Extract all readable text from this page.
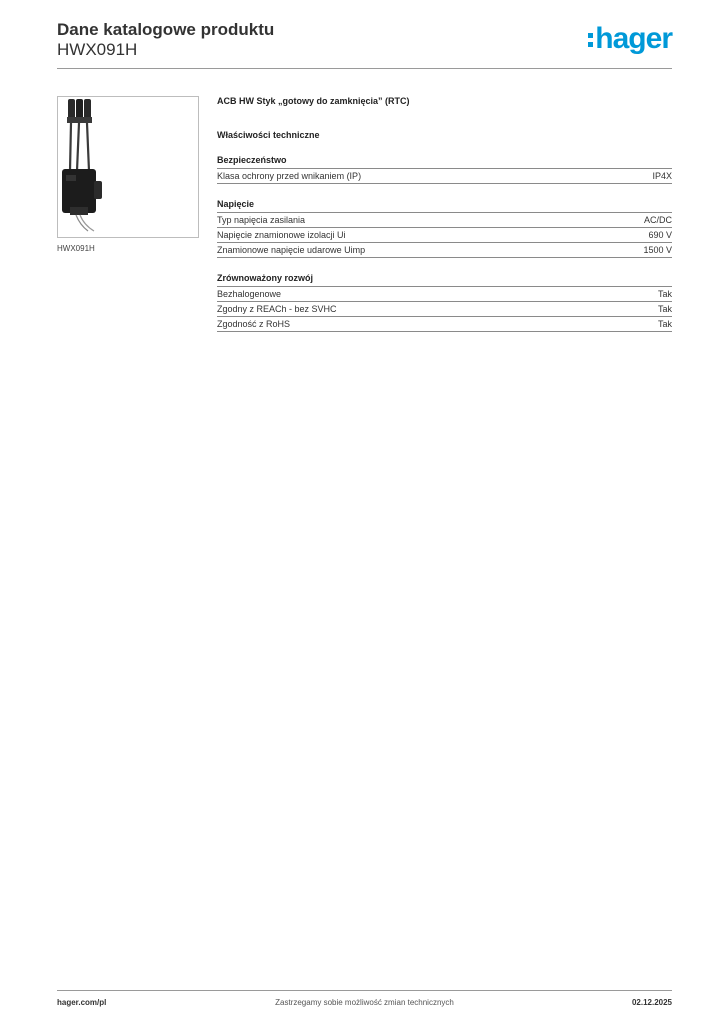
Dane katalogowe produktu
HWX091H	hager
HWX091H
ACB HW Styk „gotowy do zamknięcia” (RTC)
Właściwości techniczne
Bezpieczeństwo
Klasa ochrony przed wnikaniem (IP)	IP4X
Napięcie
Typ napięcia zasilania	AC/DC
Napięcie znamionowe izolacji Ui	690 V
Znamionowe napięcie udarowe Uimp	1500 V
Zrównoważony rozwój
Bezhalogenowe	Tak
Zgodny z REACh - bez SVHC	Tak
Zgodność z RoHS	Tak
hager.com/pl	Zastrzegamy sobie możliwość zmian technicznych	02.12.2025
